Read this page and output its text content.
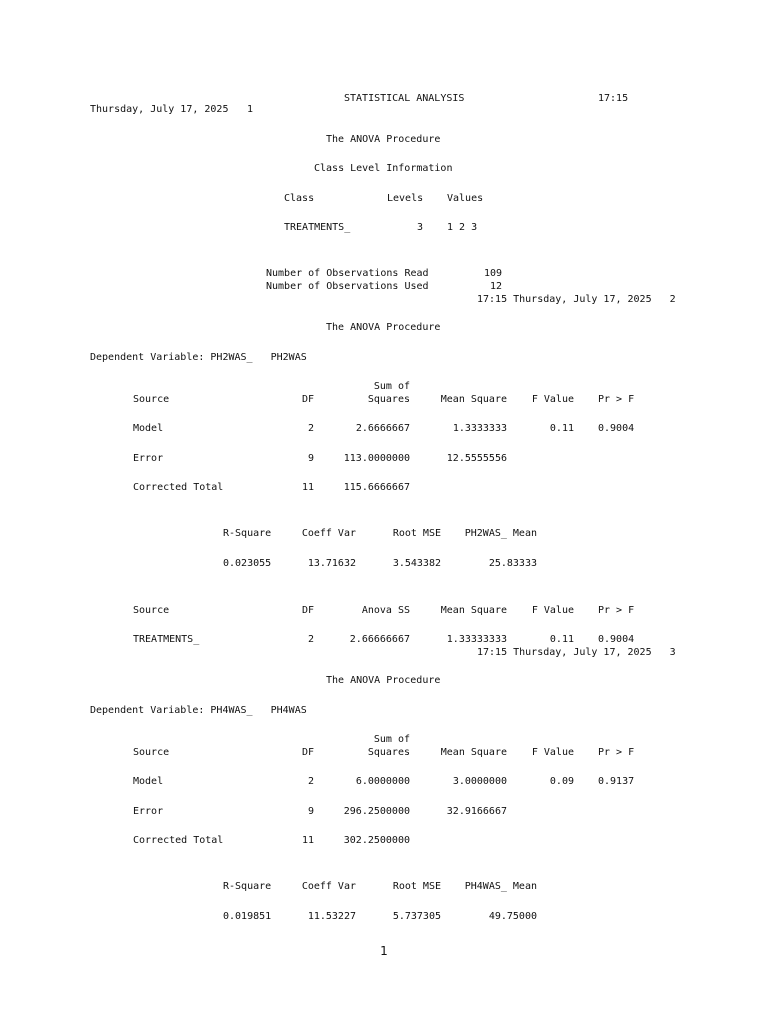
STATISTICAL ANALYSIS	17:15
Thursday, July 17, 2025 1
The ANOVA Procedure
Class Level Information
Class	Levels Values
TREATMENTS_	3 1 2 3
Number of Observations Read	109
Number of Observations Used	12
17:15 Thursday, July 17, 2025   2
The ANOVA Procedure
Dependent Variable: PH2WAS_   PH2WAS
Sum of
Source	DF	Squares	Mean Square	F Value Pr > F
Model	2	2.6666667	1.3333333	0.11 0.9004
Error	9	113.0000000	12.5555556
Corrected Total	11	115.6666667
R-Square	Coeff Var	Root MSE	PH2WAS_ Mean
0.023055	13.71632	3.543382	25.83333
Source	DF	Anova SS	Mean Square	F Value Pr > F
TREATMENTS_	2	2.66666667	1.33333333	0.11 0.9004
17:15 Thursday, July 17, 2025   3
The ANOVA Procedure
Dependent Variable: PH4WAS_   PH4WAS
Sum of
Source	DF	Squares	Mean Square	F Value Pr > F
Model	2	6.0000000	3.0000000	0.09 0.9137
Error	9	296.2500000	32.9166667
Corrected Total	11	302.2500000
R-Square	Coeff Var	Root MSE	PH4WAS_ Mean
0.019851	11.53227	5.737305	49.75000
1
